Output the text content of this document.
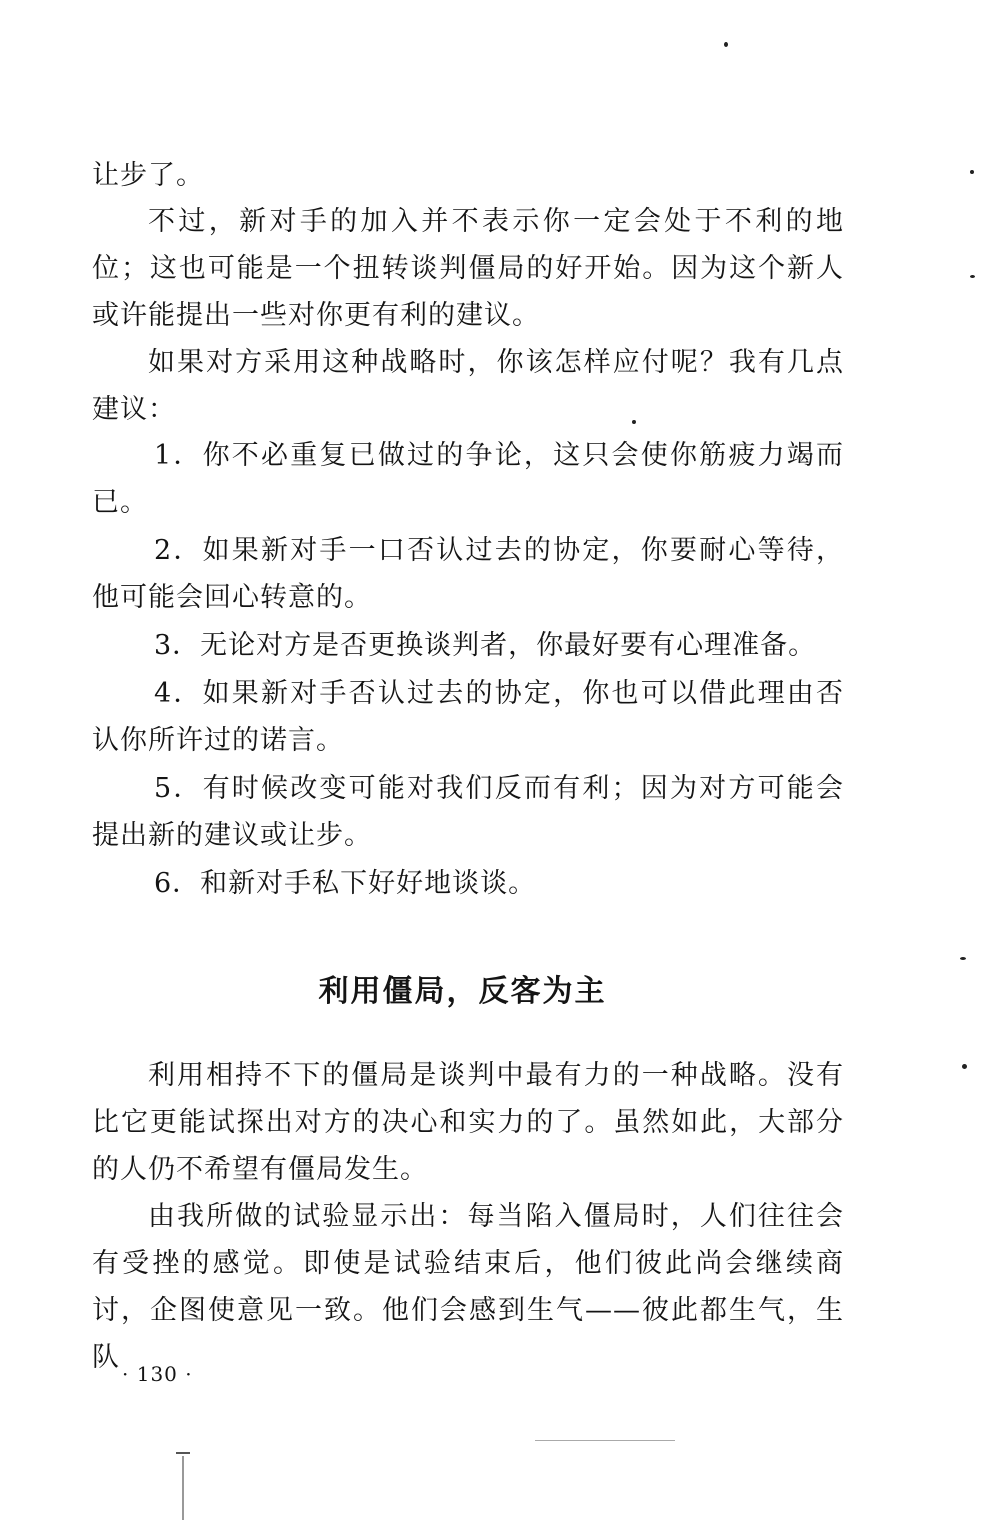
让步了。

不过，新对手的加入并不表示你一定会处于不利的地位；这也可能是一个扭转谈判僵局的好开始。因为这个新人或许能提出一些对你更有利的建议。

如果对方采用这种战略时，你该怎样应付呢？我有几点建议：

1．你不必重复已做过的争论，这只会使你筋疲力竭而已。

2．如果新对手一口否认过去的协定，你要耐心等待，他可能会回心转意的。

3．无论对方是否更换谈判者，你最好要有心理准备。

4．如果新对手否认过去的协定，你也可以借此理由否认你所许过的诺言。

5．有时候改变可能对我们反而有利；因为对方可能会提出新的建议或让步。

6．和新对手私下好好地谈谈。

利用僵局，反客为主

利用相持不下的僵局是谈判中最有力的一种战略。没有比它更能试探出对方的决心和实力的了。虽然如此，大部分的人仍不希望有僵局发生。

由我所做的试验显示出：每当陷入僵局时，人们往往会有受挫的感觉。即使是试验结束后，他们彼此尚会继续商讨，企图使意见一致。他们会感到生气——彼此都生气，生队

· 130 ·
